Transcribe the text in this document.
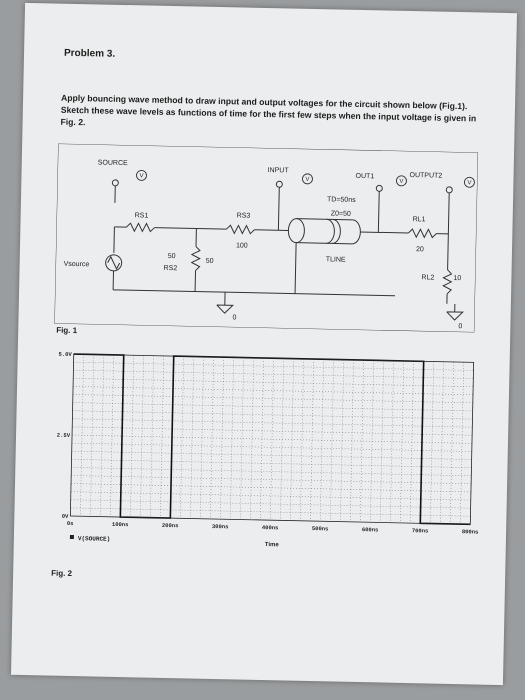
Problem 3.
Apply bouncing wave method to draw input and output voltages for the circuit shown below (Fig.1). Sketch these wave levels as functions of time for the first few steps when the input voltage is given in Fig. 2.
V
V	V	V
SOURCE
INPUT
OUT1	OUTPUT2
RS1
50
Vsource
RS2
50
RS3
100
TD=50ns
Z0=50
TLINE
RL1
20
RL2	10
0
0
Fig. 1
0s	100ns	200ns	300ns	400ns	500ns	600ns	700ns	800ns
0V
2.5V
5.0V
V(SOURCE)
Time
Fig. 2
